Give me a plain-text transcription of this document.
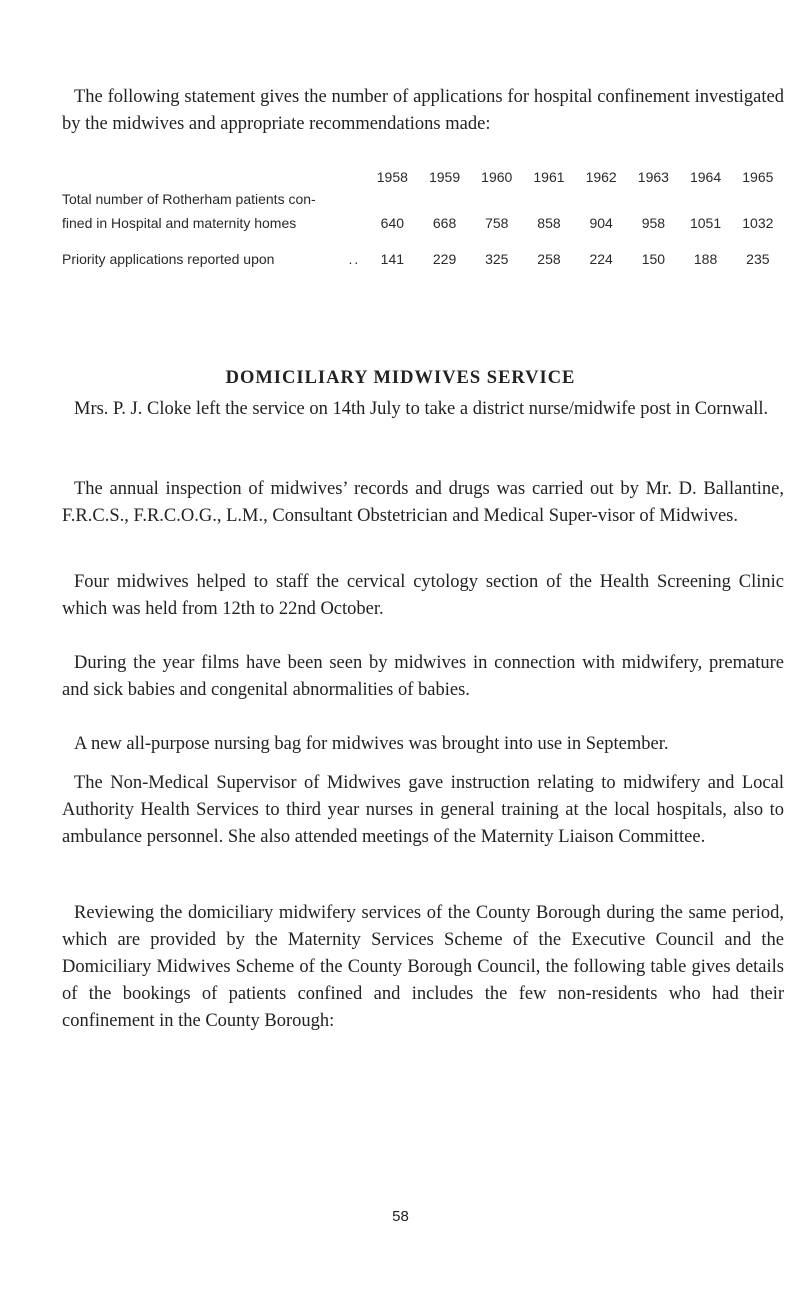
The following statement gives the number of applications for hospital confinement investigated by the midwives and appropriate recommendations made:

	1958	1959	1960	1961	1962	1963	1964	1965
Total number of Rotherham patients con-								
fined in Hospital and maternity homes	640	668	758	858	904	958	1051	1032

Priority applications reported upon ..	141	229	325	258	224	150	188	235
DOMICILIARY MIDWIVES SERVICE

Mrs. P. J. Cloke left the service on 14th July to take a district nurse/midwife post in Cornwall.

The annual inspection of midwives’ records and drugs was carried out by Mr. D. Ballantine, F.R.C.S., F.R.C.O.G., L.M., Consultant Obstetrician and Medical Super-visor of Midwives.

Four midwives helped to staff the cervical cytology section of the Health Screening Clinic which was held from 12th to 22nd October.

During the year films have been seen by midwives in connection with midwifery, premature and sick babies and congenital abnormalities of babies.

A new all-purpose nursing bag for midwives was brought into use in September.

The Non-Medical Supervisor of Midwives gave instruction relating to midwifery and Local Authority Health Services to third year nurses in general training at the local hospitals, also to ambulance personnel. She also attended meetings of the Maternity Liaison Committee.

Reviewing the domiciliary midwifery services of the County Borough during the same period, which are provided by the Maternity Services Scheme of the Executive Council and the Domiciliary Midwives Scheme of the County Borough Council, the following table gives details of the bookings of patients confined and includes the few non-residents who had their confinement in the County Borough:

58
